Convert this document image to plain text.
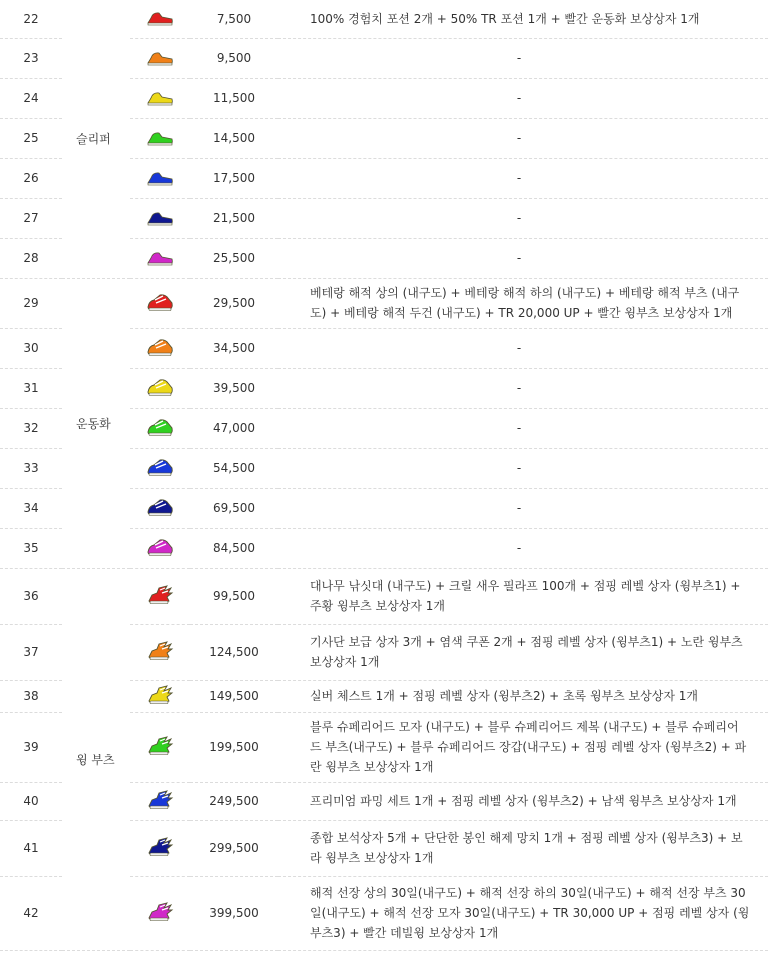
22	슬리퍼		7,500	100% 경험치 포션 2개 + 50% TR 포션 1개 + 빨간 운동화 보상상자 1개
23			9,500	-
24			11,500	-
25			14,500	-
26			17,500	-
27			21,500	-
28			25,500	-
29	운동화		29,500	베테랑 해적 상의 (내구도) + 베테랑 해적 하의 (내구도) + 베테랑 해적 부츠 (내구
도) + 베테랑 해적 두건 (내구도) + TR 20,000 UP + 빨간 윙부츠 보상상자 1개
30			34,500	-
31			39,500	-
32			47,000	-
33			54,500	-
34			69,500	-
35			84,500	-
36	윙 부츠		99,500	대나무 낚싯대 (내구도) + 크릴 새우 필라프 100개 + 점핑 레벨 상자 (윙부츠1) +
주황 윙부츠 보상상자 1개
37			124,500	기사단 보급 상자 3개 + 염색 쿠폰 2개 + 점핑 레벨 상자 (윙부츠1) + 노란 윙부츠
보상상자 1개
38			149,500	실버 체스트 1개 + 점핑 레벨 상자 (윙부츠2) + 초록 윙부츠 보상상자 1개
39			199,500	블루 슈페리어드 모자 (내구도) + 블루 슈페리어드 제복 (내구도) + 블루 슈페리어
드 부츠(내구도) + 블루 슈페리어드 장갑(내구도) + 점핑 레벨 상자 (윙부츠2) + 파
란 윙부츠 보상상자 1개
40			249,500	프리미엄 파밍 세트 1개 + 점핑 레벨 상자 (윙부츠2) + 남색 윙부츠 보상상자 1개
41			299,500	종합 보석상자 5개 + 단단한 봉인 해제 망치 1개 + 점핑 레벨 상자 (윙부츠3) + 보
라 윙부츠 보상상자 1개
42			399,500	해적 선장 상의 30일(내구도) + 해적 선장 하의 30일(내구도) + 해적 선장 부츠 30
일(내구도) + 해적 선장 모자 30일(내구도) + TR 30,000 UP + 점핑 레벨 상자 (윙
부츠3) + 빨간 데빌윙 보상상자 1개
